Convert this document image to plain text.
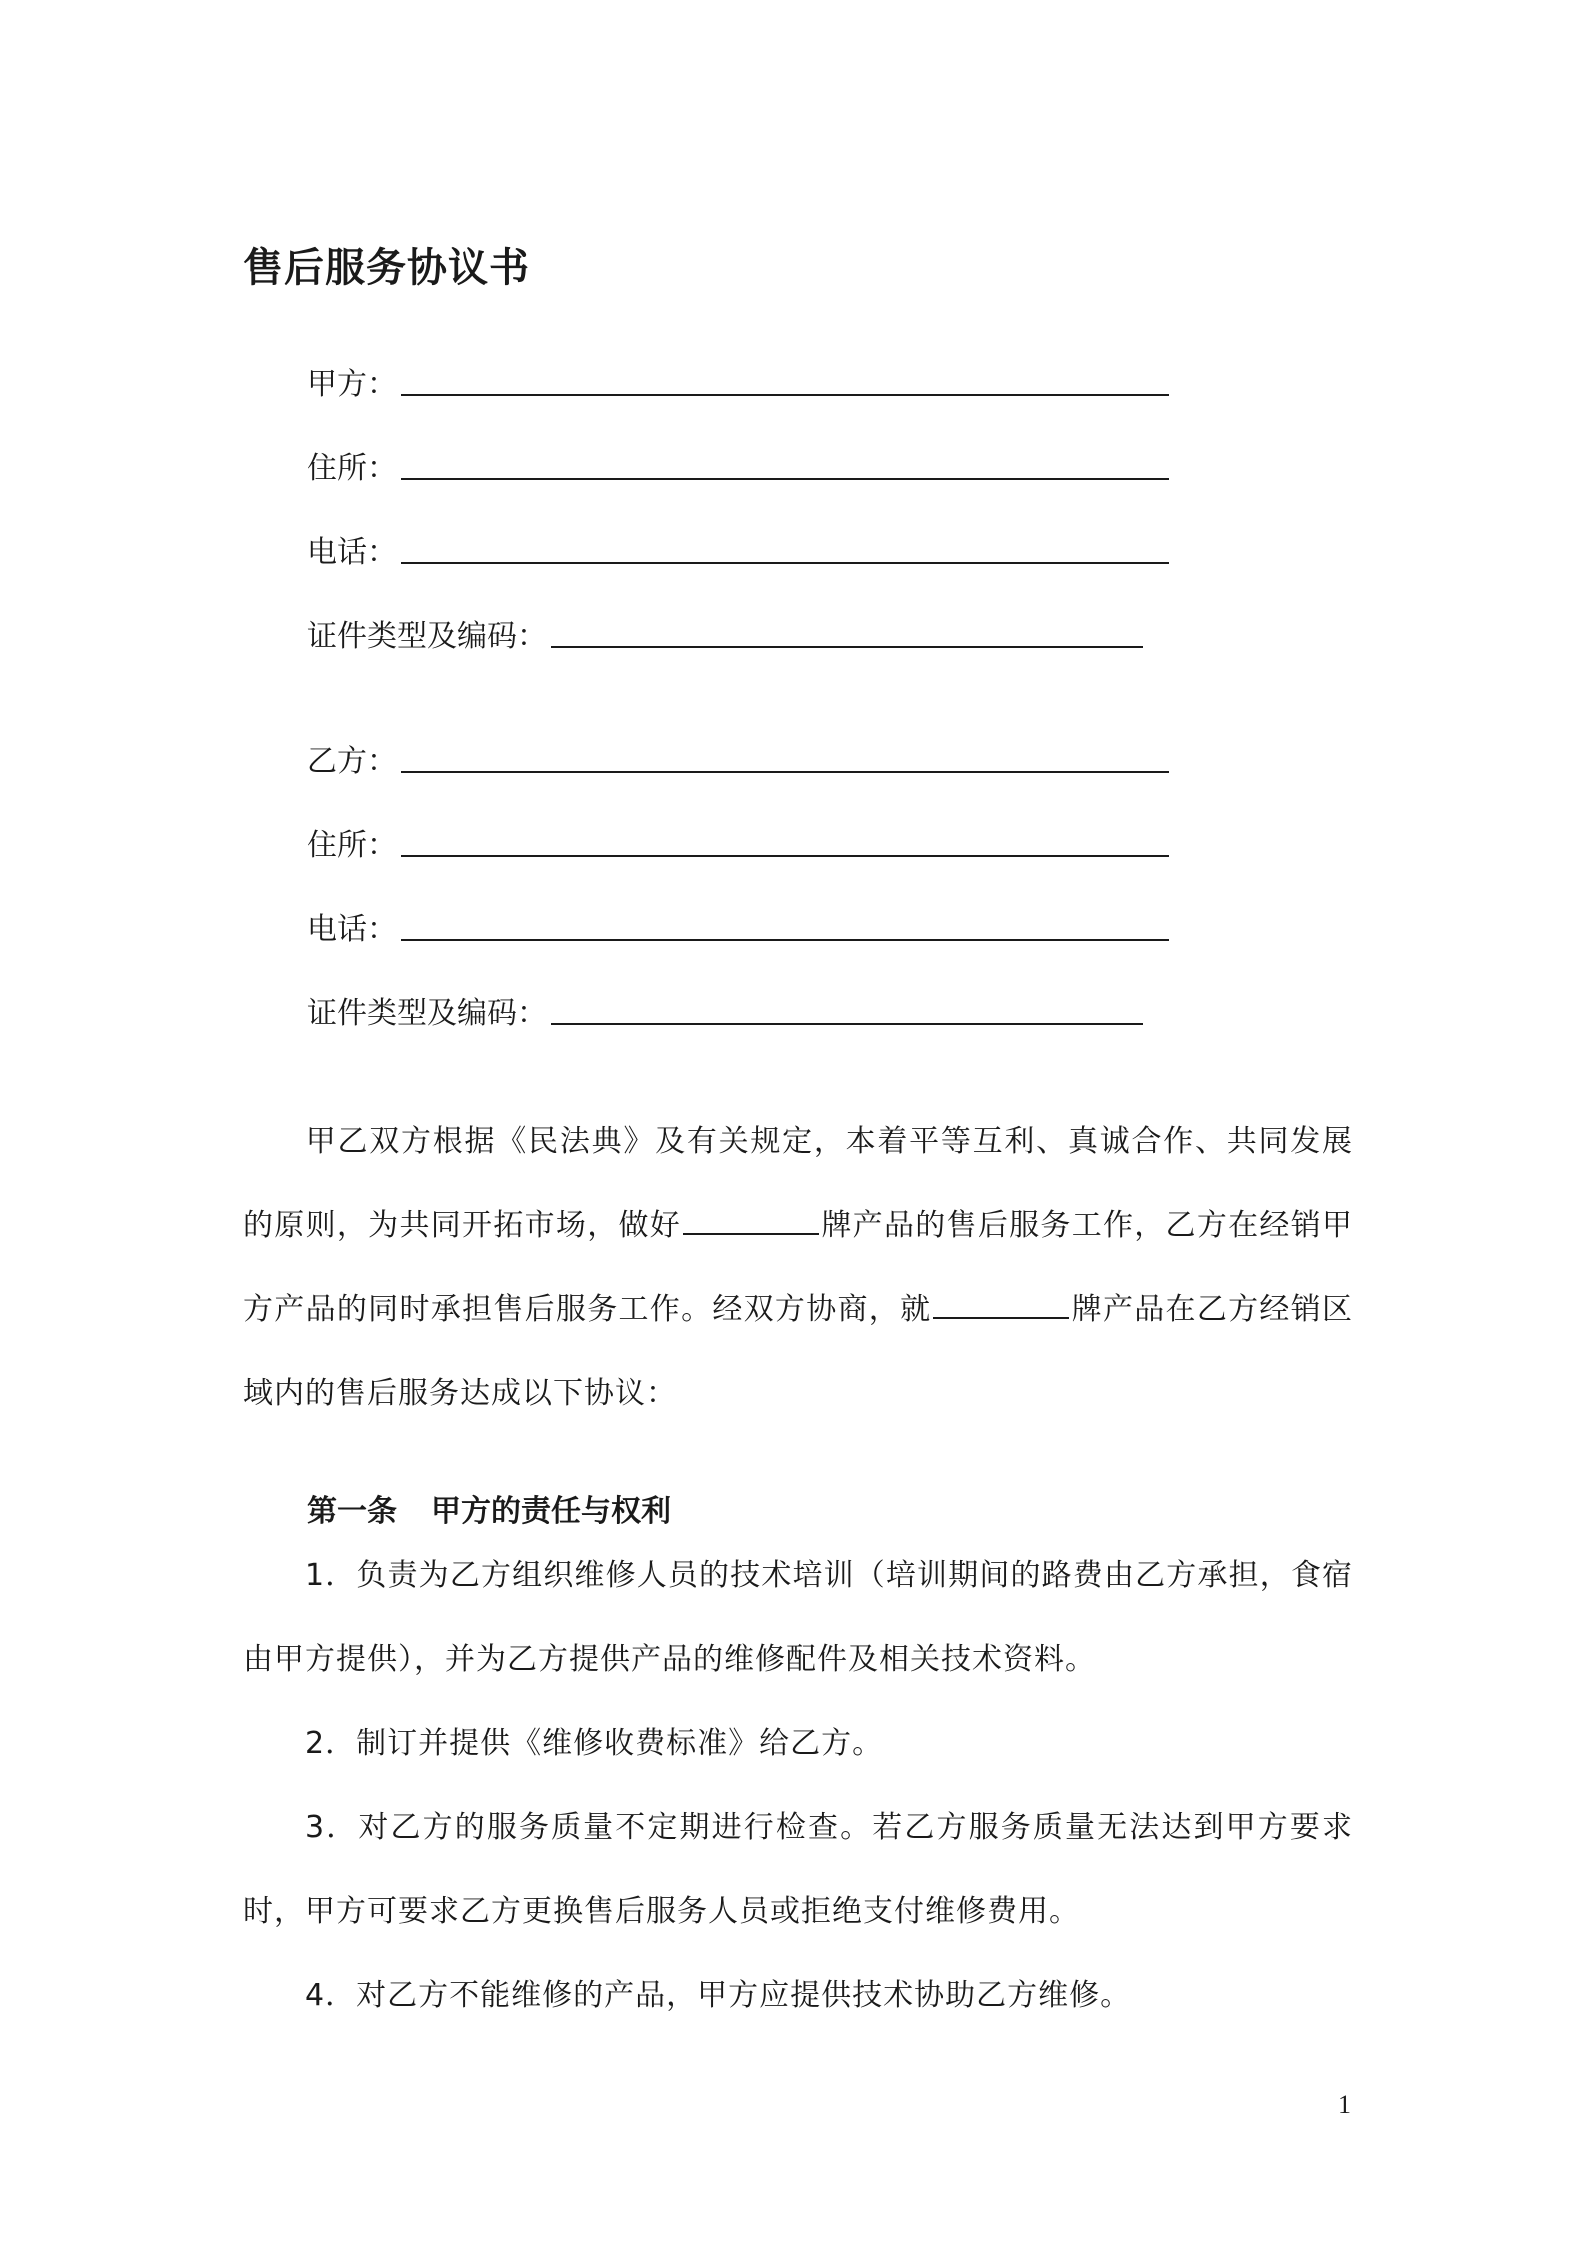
售后服务协议书
甲方：
住所：
电话：
证件类型及编码：
乙方：
住所：
电话：
证件类型及编码：
甲乙双方根据《民法典》及有关规定，本着平等互利、真诚合作、共同发展的原则，为共同开拓市场，做好	牌产品的售后服务工作，乙方在经销甲方产品的同时承担售后服务工作。经双方协商，就	牌产品在乙方经销区域内的售后服务达成以下协议：
第一条 甲方的责任与权利
1．负责为乙方组织维修人员的技术培训（培训期间的路费由乙方承担，食宿由甲方提供），并为乙方提供产品的维修配件及相关技术资料。
2．制订并提供《维修收费标准》给乙方。
3．对乙方的服务质量不定期进行检查。若乙方服务质量无法达到甲方要求时，甲方可要求乙方更换售后服务人员或拒绝支付维修费用。
4．对乙方不能维修的产品，甲方应提供技术协助乙方维修。
1
